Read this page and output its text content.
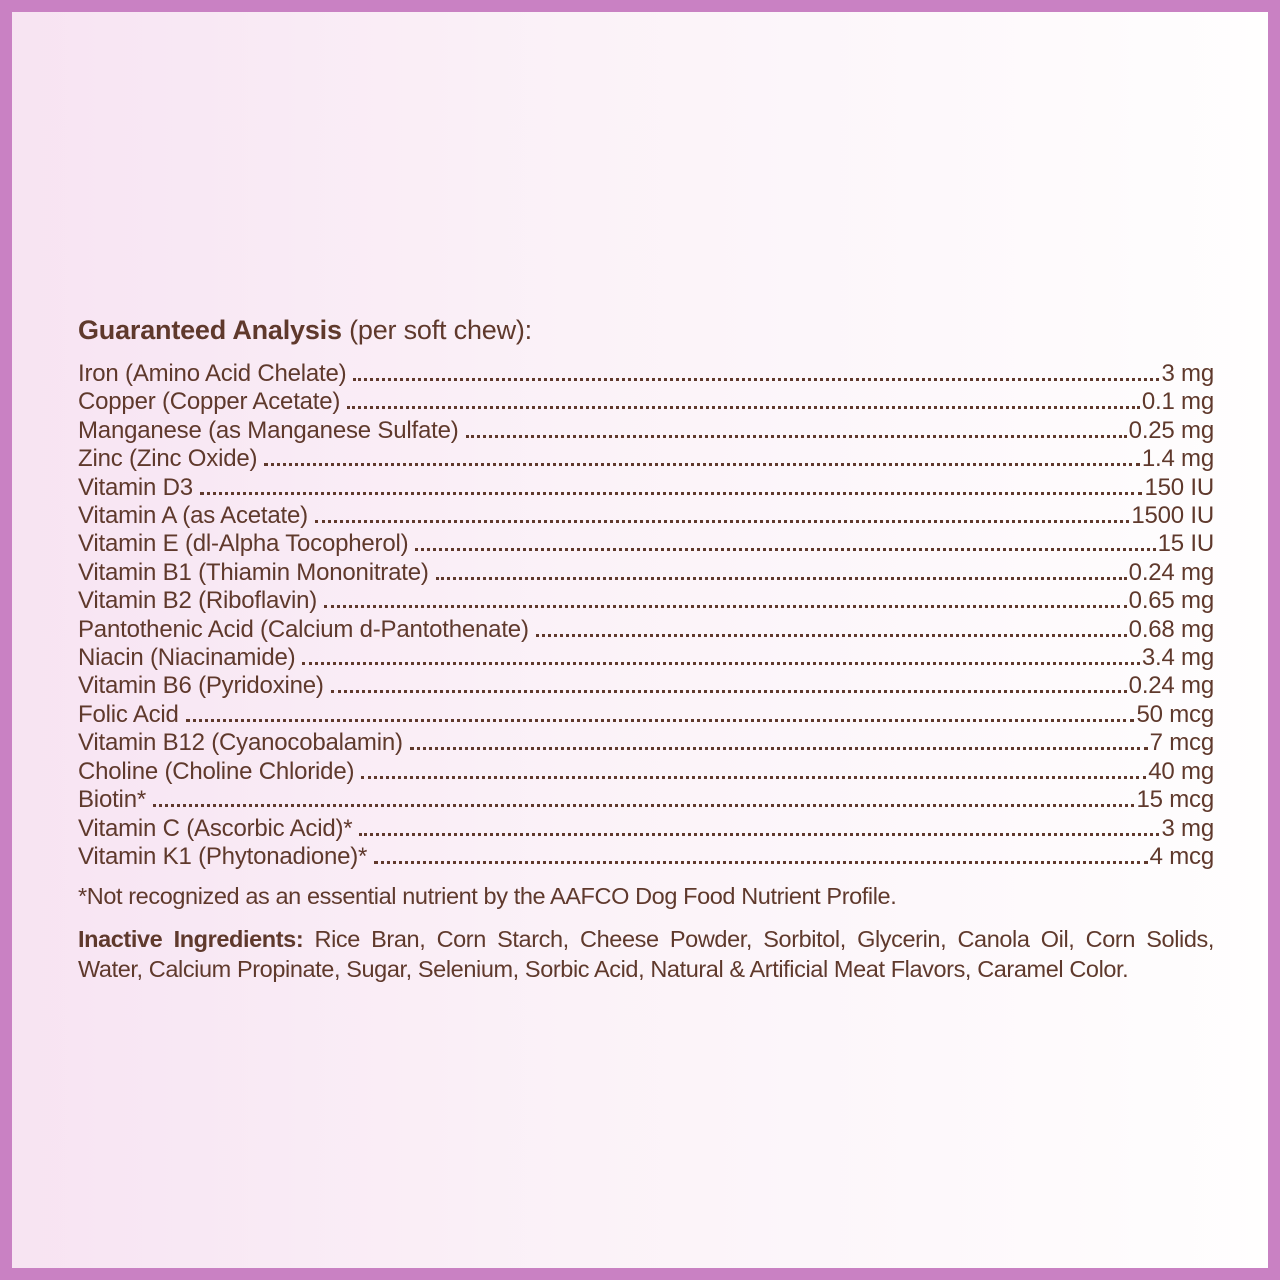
Guaranteed Analysis (per soft chew):
Iron (Amino Acid Chelate)	3 mg
Copper (Copper Acetate)	0.1 mg
Manganese (as Manganese Sulfate)	0.25 mg
Zinc (Zinc Oxide)	1.4 mg
Vitamin D3	150 IU
Vitamin A (as Acetate)	1500 IU
Vitamin E (dl-Alpha Tocopherol)	15 IU
Vitamin B1 (Thiamin Mononitrate)	0.24 mg
Vitamin B2 (Riboflavin)	0.65 mg
Pantothenic Acid (Calcium d-Pantothenate)	0.68 mg
Niacin (Niacinamide)	3.4 mg
Vitamin B6 (Pyridoxine)	0.24 mg
Folic Acid	50 mcg
Vitamin B12 (Cyanocobalamin)	7 mcg
Choline (Choline Chloride)	40 mg
Biotin*	15 mcg
Vitamin C (Ascorbic Acid)*	3 mg
Vitamin K1 (Phytonadione)*	4 mcg

*Not recognized as an essential nutrient by the AAFCO Dog Food Nutrient Profile.

Inactive Ingredients: Rice Bran, Corn Starch, Cheese Powder, Sorbitol, Glycerin, Canola Oil, Corn Solids, Water, Calcium Propinate, Sugar, Selenium, Sorbic Acid, Natural & Artificial Meat Flavors, Caramel Color.
